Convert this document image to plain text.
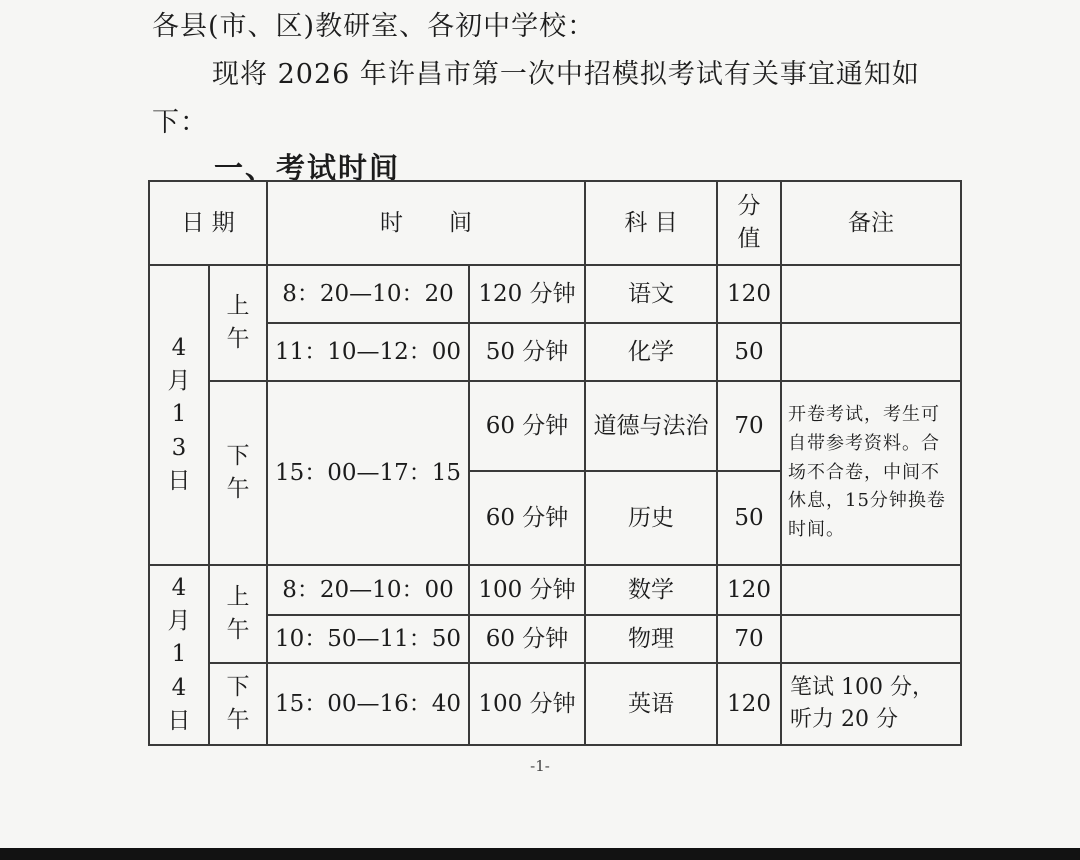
各县(市、区)教研室、各初中学校：
现将 2026 年许昌市第一次中招模拟考试有关事宜通知如
下：
一、考试时间
日 期		时　　间		科 目	分值	备注
4月13日	上午	8：20—10：20	120 分钟	语文	120	
		11：10—12：00	50 分钟	化学	50	
	下午	15：00—17：15	60 分钟	道德与法治	70	开卷考试，考生可自带参考资料。合场不合卷，中间不休息，15分钟换卷时间。
			60 分钟	历史	50	
4月14日	上午	8：20—10：00	100 分钟	数学	120	
		10：50—11：50	60 分钟	物理	70	
	下午	15：00—16：40	100 分钟	英语	120	笔试 100 分，听力 20 分
-1-
